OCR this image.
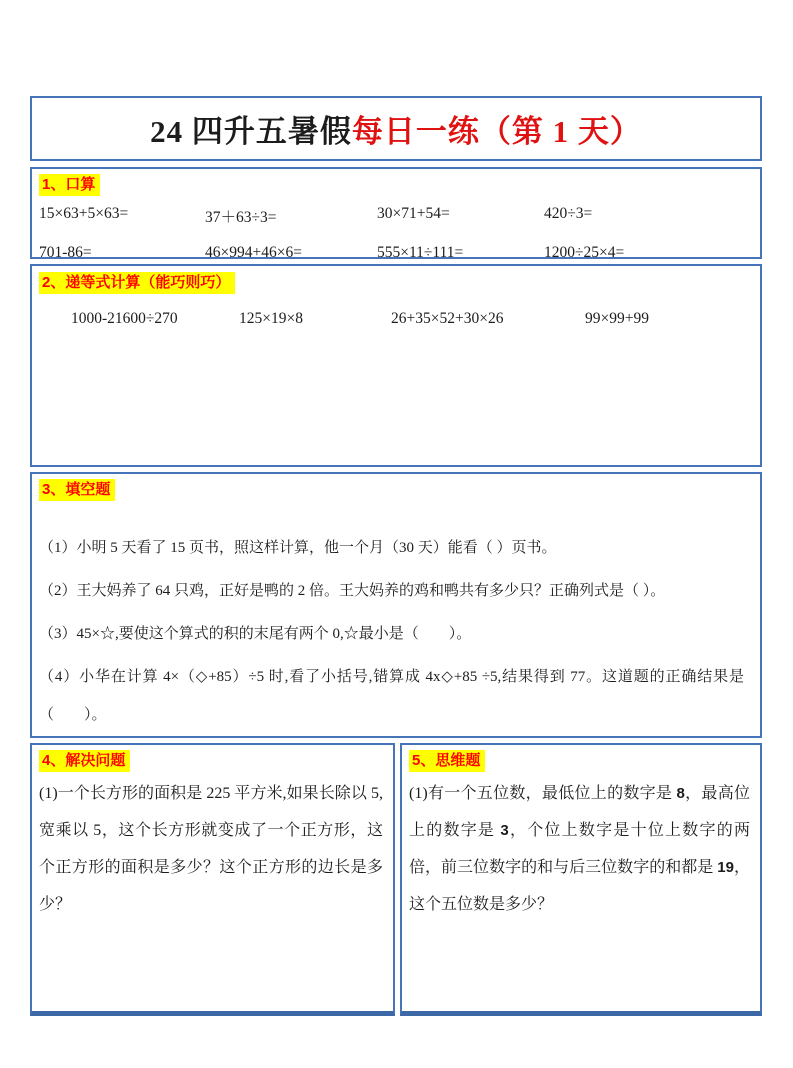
24 四升五暑假每日一练（第 1 天）
1、口算
15×63+5×63=	37＋63÷3=	30×71+54=	420÷3=
701-86=	46×994+46×6=	555×11÷111=	1200÷25×4=
2、递等式计算（能巧则巧）
1000-21600÷270	125×19×8	26+35×52+30×26	99×99+99
3、填空题
（1）小明 5 天看了 15 页书，照这样计算，他一个月（30 天）能看（ ）页书。
（2）王大妈养了 64 只鸡，正好是鸭的 2 倍。王大妈养的鸡和鸭共有多少只？正确列式是（ ）。
（3）45×☆,要使这个算式的积的末尾有两个 0,☆最小是（　　）。
（4）小华在计算 4×（◇+85）÷5 时,看了小括号,错算成 4x◇+85 ÷5,结果得到 77。这道题的正确结果是（　　）。
4、解决问题
(1)一个长方形的面积是 225 平方米,如果长除以 5,宽乘以 5，这个长方形就变成了一个正方形，这个正方形的面积是多少？这个正方形的边长是多少？
5、思维题
(1)有一个五位数，最低位上的数字是 8，最高位上的数字是 3，个位上数字是十位上数字的两倍，前三位数字的和与后三位数字的和都是 19，这个五位数是多少？
